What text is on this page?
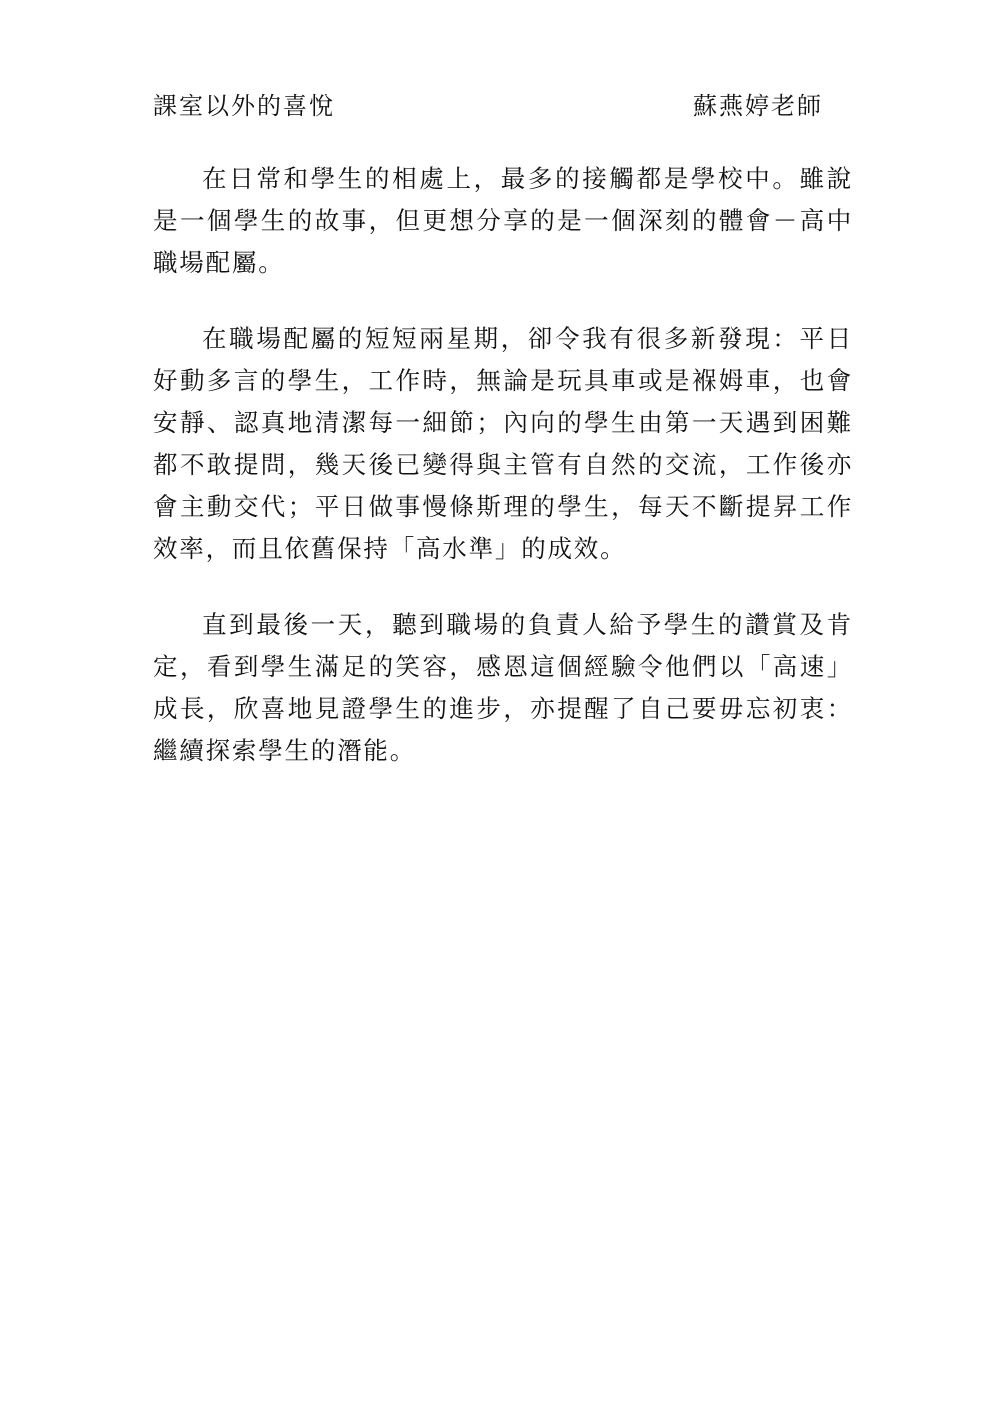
課室以外的喜悅	蘇燕婷老師

在日常和學生的相處上，最多的接觸都是學校中。雖說是一個學生的故事，但更想分享的是一個深刻的體會－高中職場配屬。

在職場配屬的短短兩星期，卻令我有很多新發現：平日好動多言的學生，工作時，無論是玩具車或是褓姆車，也會安靜、認真地清潔每一細節；內向的學生由第一天遇到困難都不敢提問，幾天後已變得與主管有自然的交流，工作後亦會主動交代；平日做事慢條斯理的學生，每天不斷提昇工作效率，而且依舊保持「高水準」的成效。

直到最後一天，聽到職場的負責人給予學生的讚賞及肯定，看到學生滿足的笑容，感恩這個經驗令他們以「高速」成長，欣喜地見證學生的進步，亦提醒了自己要毋忘初衷：繼續探索學生的潛能。
